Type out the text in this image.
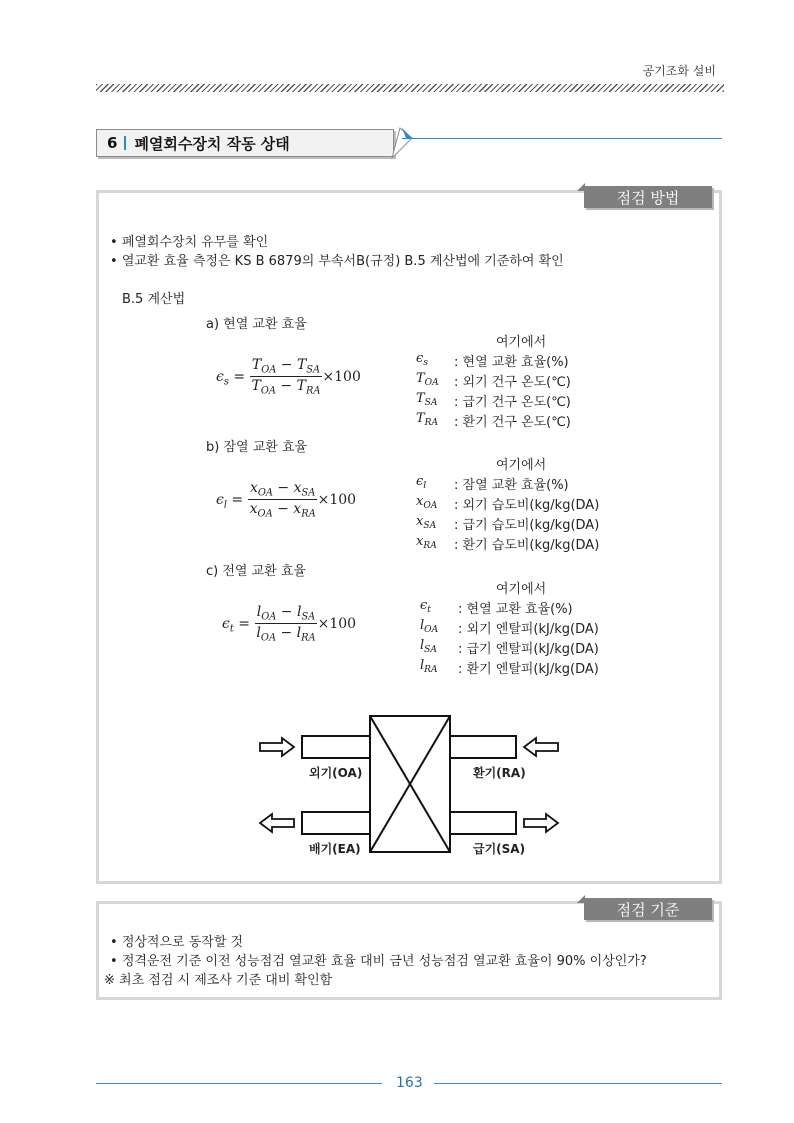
공기조화 설비
6 폐열회수장치 작동 상태
점검 방법
• 폐열회수장치 유무를 확인
• 열교환 효율 측정은 KS B 6879의 부속서B(규정) B.5 계산법에 기준하여 확인
B.5 계산법
a) 현열 교환 효율
$\epsilon_s = \frac{T_{OA} - T_{SA}}{T_{OA} - T_{RA}} \times 100$
여기에서
$\epsilon_s$ : 현열 교환 효율(%)
$T_{OA}$ : 외기 건구 온도(℃)
$T_{SA}$ : 급기 건구 온도(℃)
$T_{RA}$ : 환기 건구 온도(℃)
b) 잠열 교환 효율
$\epsilon_l = \frac{x_{OA} - x_{SA}}{x_{OA} - x_{RA}} \times 100$
여기에서
$\epsilon_l$ : 잠열 교환 효율(%)
$x_{OA}$ : 외기 습도비(kg/kg(DA)
$x_{SA}$ : 급기 습도비(kg/kg(DA)
$x_{RA}$ : 환기 습도비(kg/kg(DA)
c) 전열 교환 효율
$\epsilon_t = \frac{l_{OA} - l_{SA}}{l_{OA} - l_{RA}} \times 100$
여기에서
$\epsilon_t$ : 현열 교환 효율(%)
$l_{OA}$ : 외기 엔탈피(kJ/kg(DA)
$l_{SA}$ : 급기 엔탈피(kJ/kg(DA)
$l_{RA}$ : 환기 엔탈피(kJ/kg(DA)
외기(OA)	환기(RA)
배기(EA)	급기(SA)
점검 기준
• 정상적으로 동작할 것
• 정격운전 기준 이전 성능점검 열교환 효율 대비 금년 성능점검 열교환 효율이 90% 이상인가?
※ 최초 점검 시 제조사 기준 대비 확인함
163
